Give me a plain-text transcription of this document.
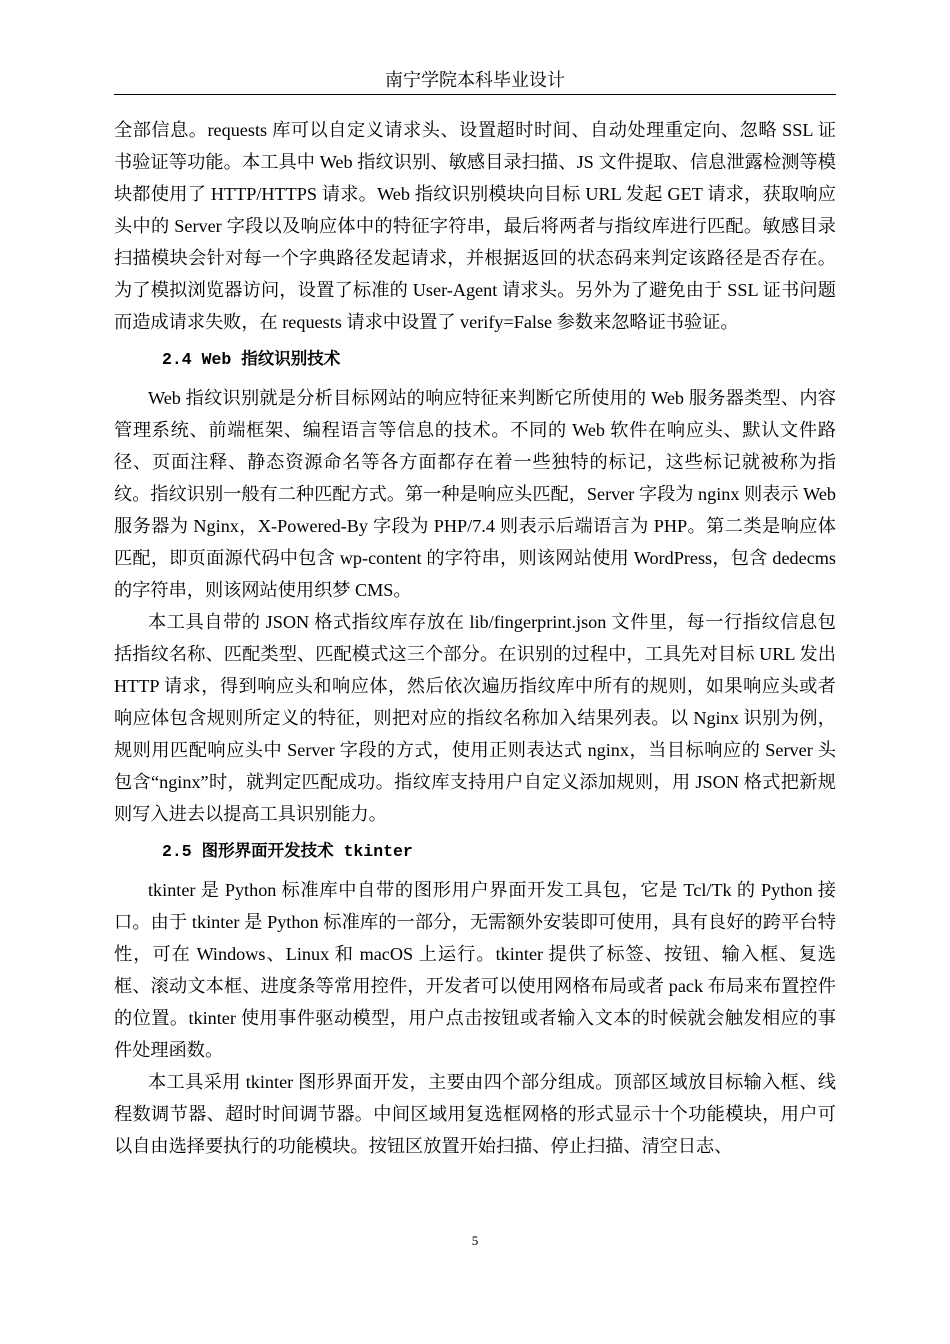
南宁学院本科毕业设计

全部信息。requests 库可以自定义请求头、设置超时时间、自动处理重定向、忽略 SSL 证书验证等功能。本工具中 Web 指纹识别、敏感目录扫描、JS 文件提取、信息泄露检测等模块都使用了 HTTP/HTTPS 请求。Web 指纹识别模块向目标 URL 发起 GET 请求，获取响应头中的 Server 字段以及响应体中的特征字符串，最后将两者与指纹库进行匹配。敏感目录扫描模块会针对每一个字典路径发起请求，并根据返回的状态码来判定该路径是否存在。为了模拟浏览器访问，设置了标准的 User-Agent 请求头。另外为了避免由于 SSL 证书问题而造成请求失败，在 requests 请求中设置了 verify=False 参数来忽略证书验证。

2.4 Web 指纹识别技术

Web 指纹识别就是分析目标网站的响应特征来判断它所使用的 Web 服务器类型、内容管理系统、前端框架、编程语言等信息的技术。不同的 Web 软件在响应头、默认文件路径、页面注释、静态资源命名等各方面都存在着一些独特的标记，这些标记就被称为指纹。指纹识别一般有二种匹配方式。第一种是响应头匹配，Server 字段为 nginx 则表示 Web 服务器为 Nginx，X-Powered-By 字段为 PHP/7.4 则表示后端语言为 PHP。第二类是响应体匹配，即页面源代码中包含 wp-content 的字符串，则该网站使用 WordPress，包含 dedecms 的字符串，则该网站使用织梦 CMS。

本工具自带的 JSON 格式指纹库存放在 lib/fingerprint.json 文件里，每一行指纹信息包括指纹名称、匹配类型、匹配模式这三个部分。在识别的过程中，工具先对目标 URL 发出 HTTP 请求，得到响应头和响应体，然后依次遍历指纹库中所有的规则，如果响应头或者响应体包含规则所定义的特征，则把对应的指纹名称加入结果列表。以 Nginx 识别为例，规则用匹配响应头中 Server 字段的方式，使用正则表达式 nginx，当目标响应的 Server 头包含“nginx”时，就判定匹配成功。指纹库支持用户自定义添加规则，用 JSON 格式把新规则写入进去以提高工具识别能力。

2.5 图形界面开发技术 tkinter

tkinter 是 Python 标准库中自带的图形用户界面开发工具包，它是 Tcl/Tk 的 Python 接口。由于 tkinter 是 Python 标准库的一部分，无需额外安装即可使用，具有良好的跨平台特性，可在 Windows、Linux 和 macOS 上运行。tkinter 提供了标签、按钮、输入框、复选框、滚动文本框、进度条等常用控件，开发者可以使用网格布局或者 pack 布局来布置控件的位置。tkinter 使用事件驱动模型，用户点击按钮或者输入文本的时候就会触发相应的事件处理函数。

本工具采用 tkinter 图形界面开发，主要由四个部分组成。顶部区域放目标输入框、线程数调节器、超时时间调节器。中间区域用复选框网格的形式显示十个功能模块，用户可以自由选择要执行的功能模块。按钮区放置开始扫描、停止扫描、清空日志、

5
